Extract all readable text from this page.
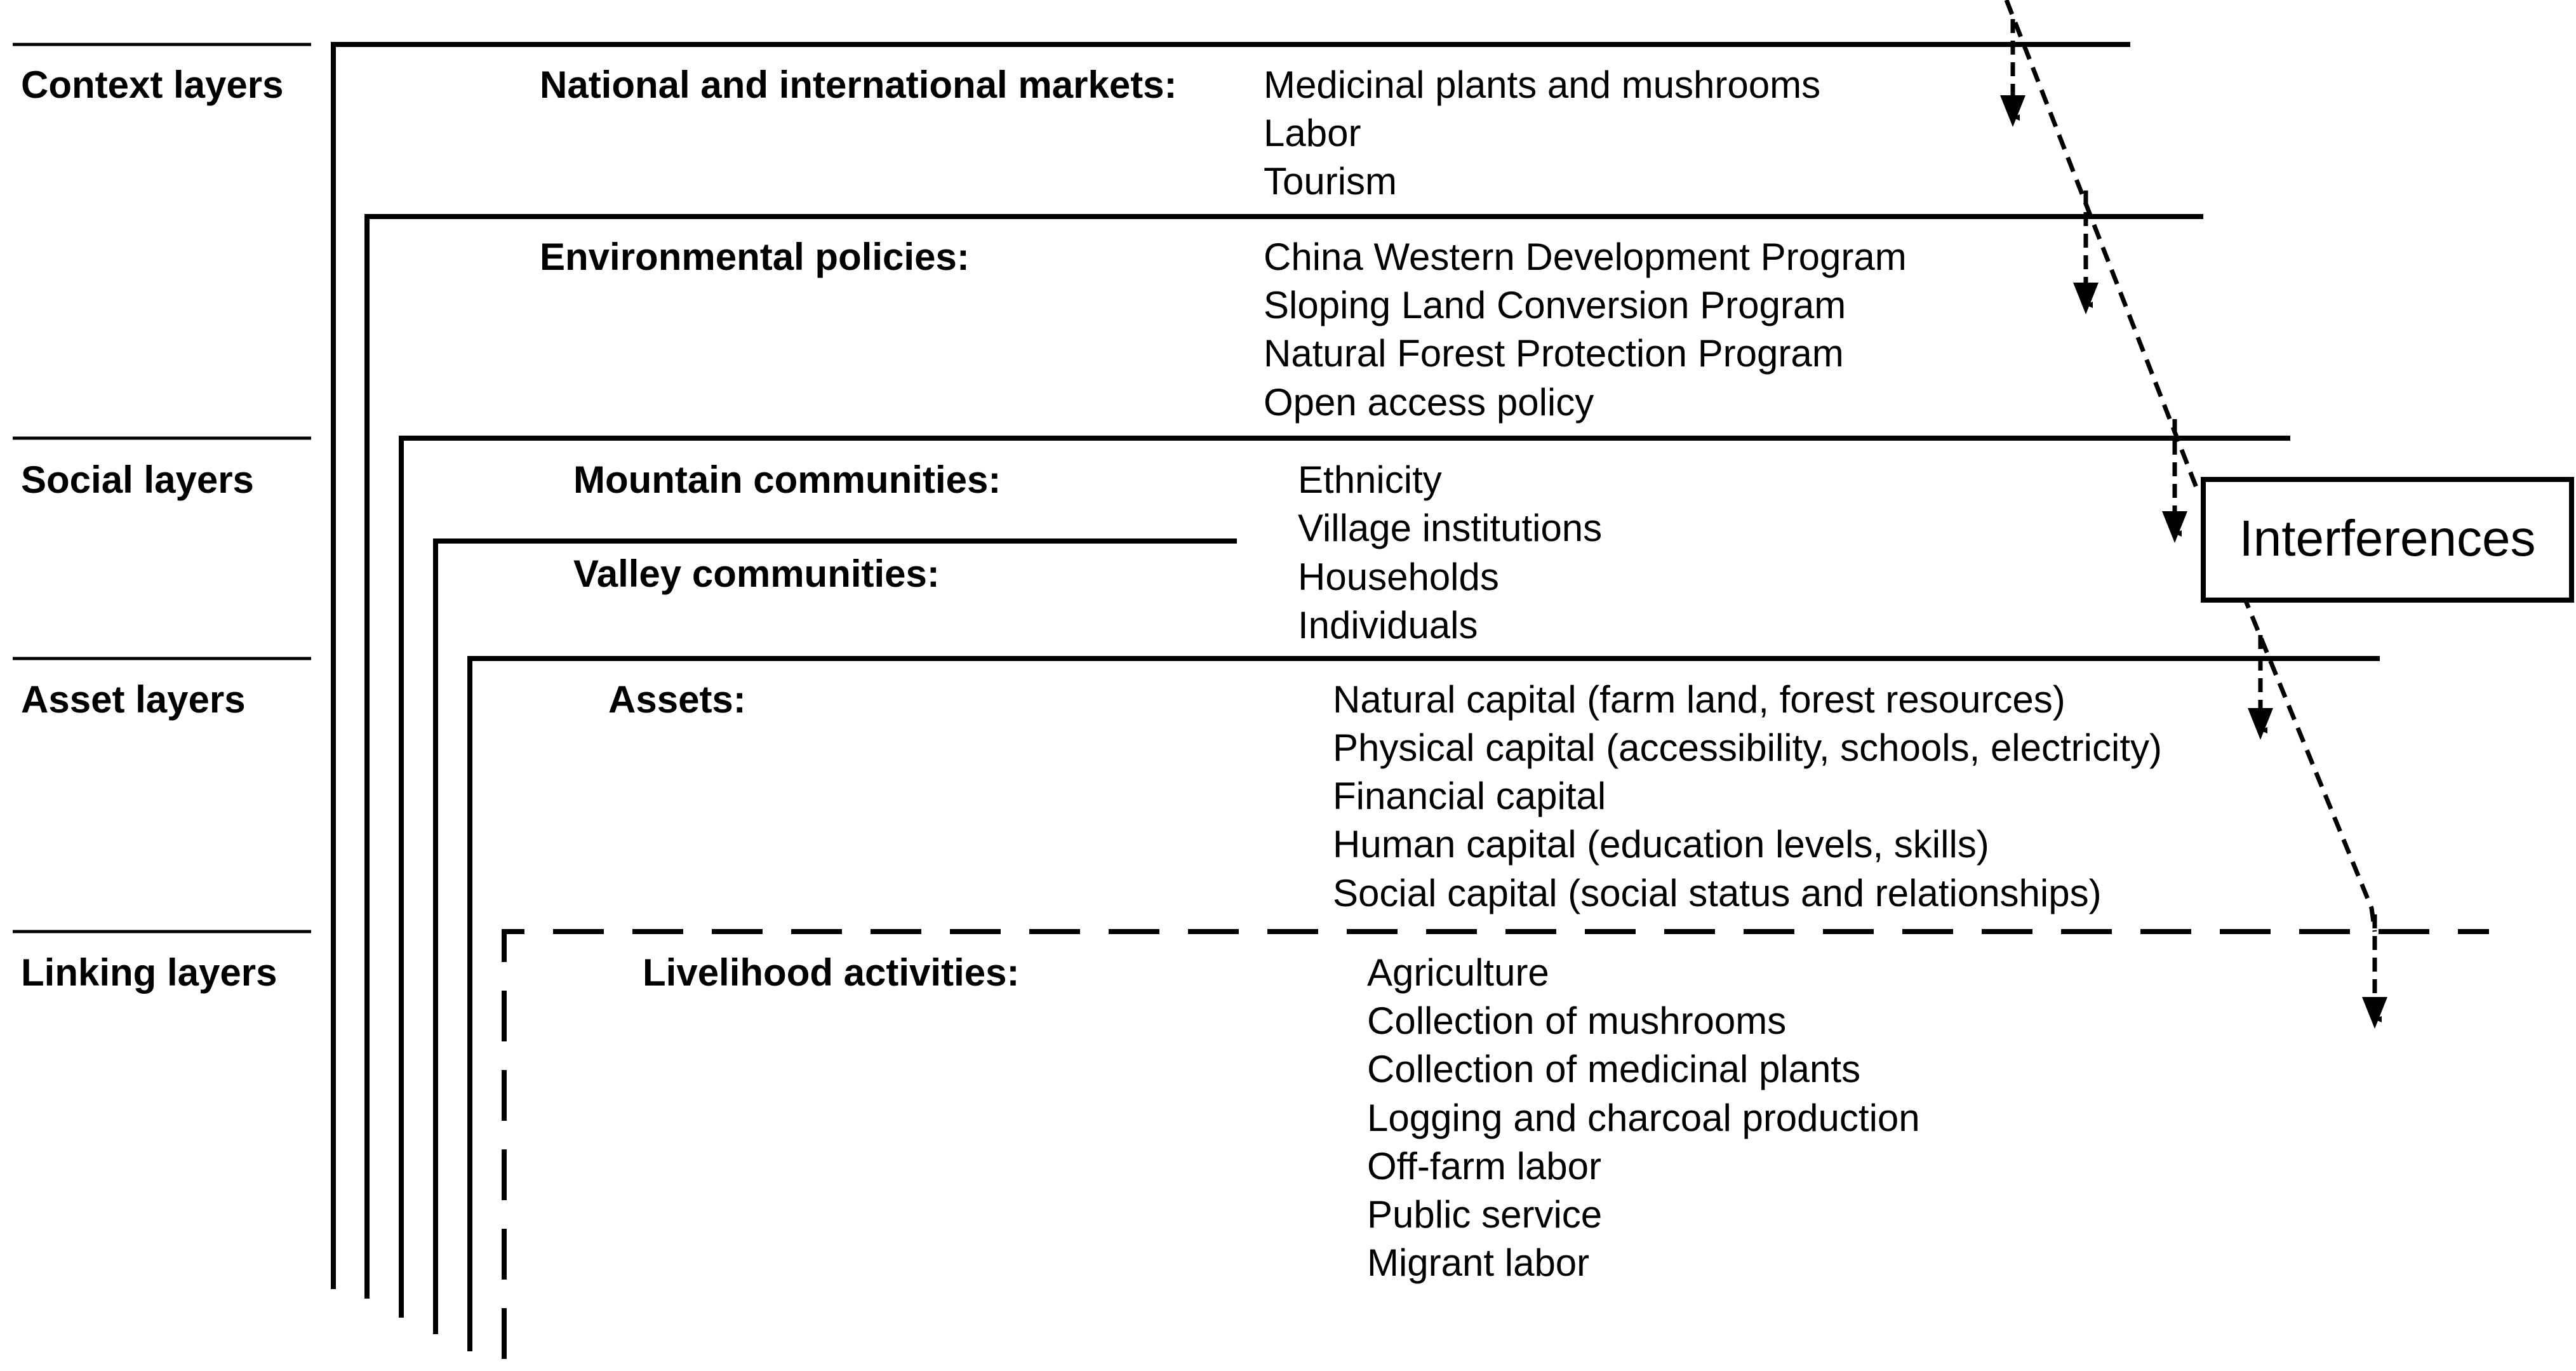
Context layers
Social layers
Asset layers
Linking layers
National and international markets: Medicinal plants and mushrooms
Labor
Tourism
Environmental policies:	China Western Development Program
Sloping Land Conversion Program
Natural Forest Protection Program
Open access policy
Mountain communities:	Ethnicity
Village institutions
Households
Individuals
Valley communities:
Assets:	Natural capital (farm land, forest resources)
Physical capital (accessibility, schools, electricity)
Financial capital
Human capital (education levels, skills)
Social capital (social status and relationships)
Livelihood activities:	Agriculture
Collection of mushrooms
Collection of medicinal plants
Logging and charcoal production
Off-farm labor
Public service
Migrant labor
Interferences
